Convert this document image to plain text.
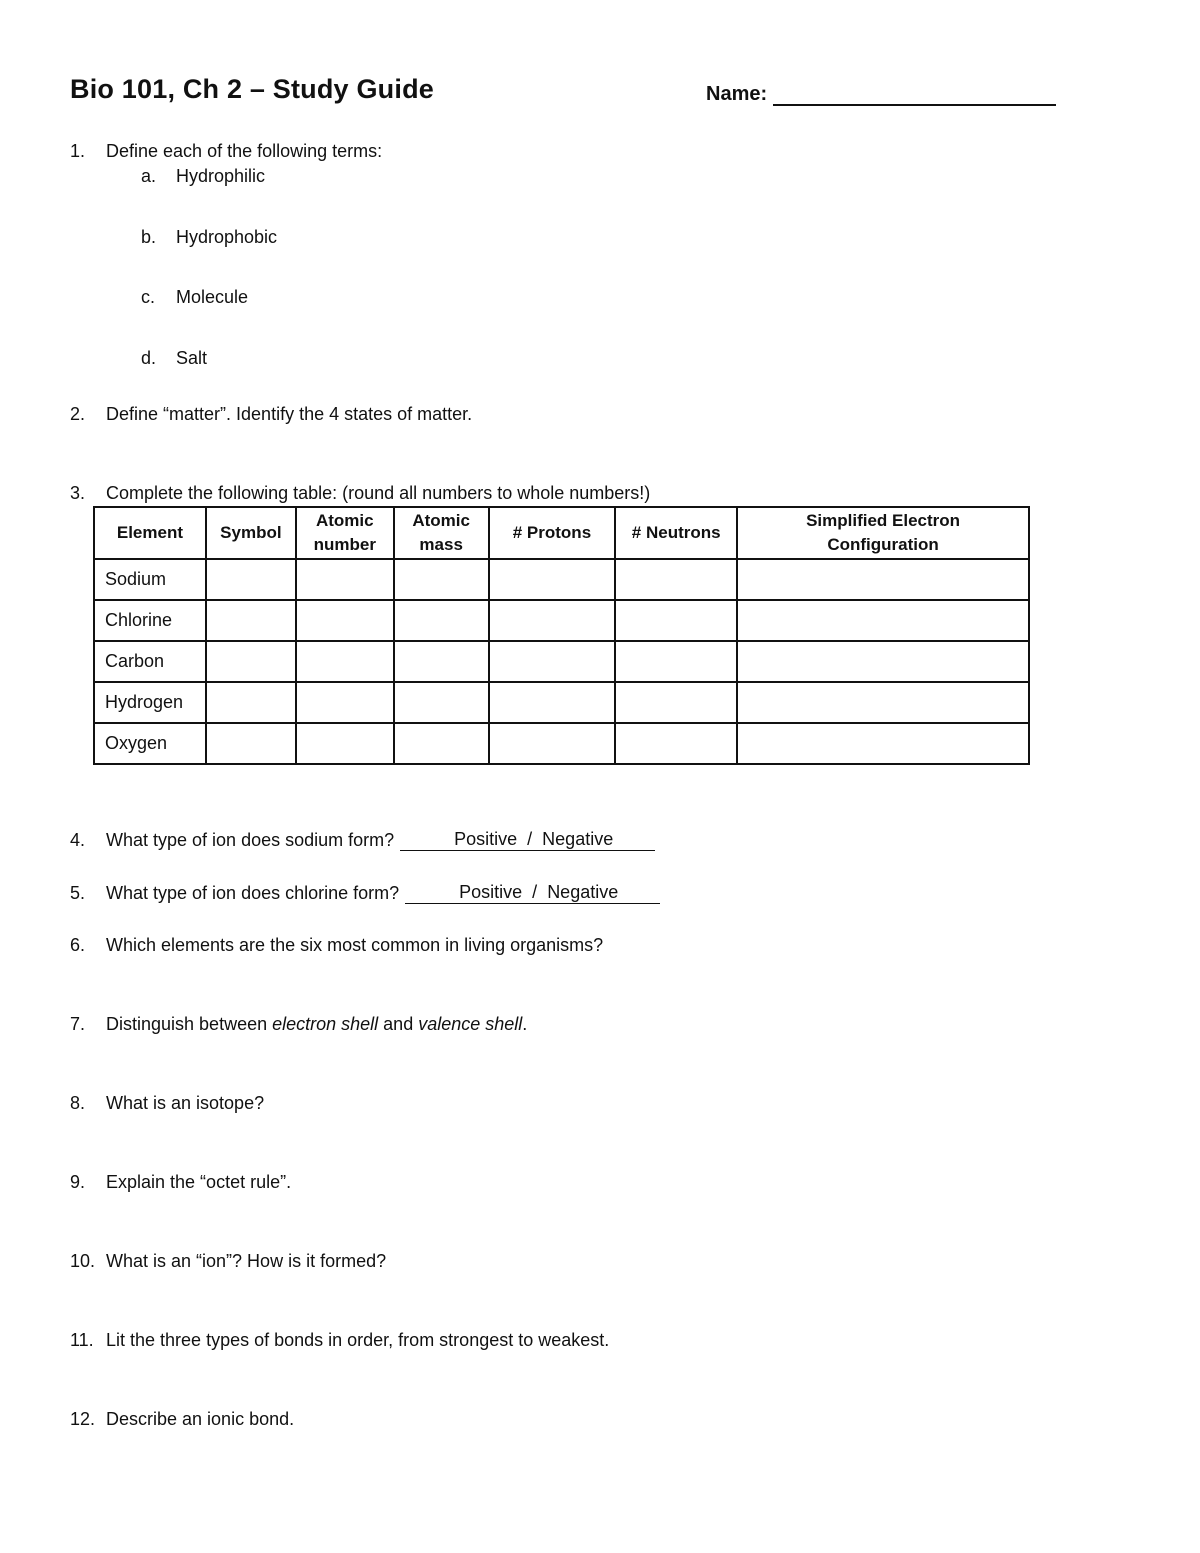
Bio 101, Ch 2 – Study Guide	Name:
1.	Define each of the following terms:
a.	Hydrophilic
b.	Hydrophobic
c.	Molecule
d.	Salt
2.	Define “matter”. Identify the 4 states of matter.
3.	Complete the following table: (round all numbers to whole numbers!)
Element	Symbol	Atomic number	Atomic mass	# Protons	# Neutrons	Simplified Electron Configuration
Sodium						
Chlorine						
Carbon						
Hydrogen						
Oxygen						
4.	What type of ion does sodium form?	Positive  /  Negative
5.	What type of ion does chlorine form?	Positive  /  Negative
6.	Which elements are the six most common in living organisms?
7.	Distinguish between electron shell and valence shell.
8.	What is an isotope?
9.	Explain the “octet rule”.
10. What is an “ion”? How is it formed?
11. Lit the three types of bonds in order, from strongest to weakest.
12. Describe an ionic bond.
